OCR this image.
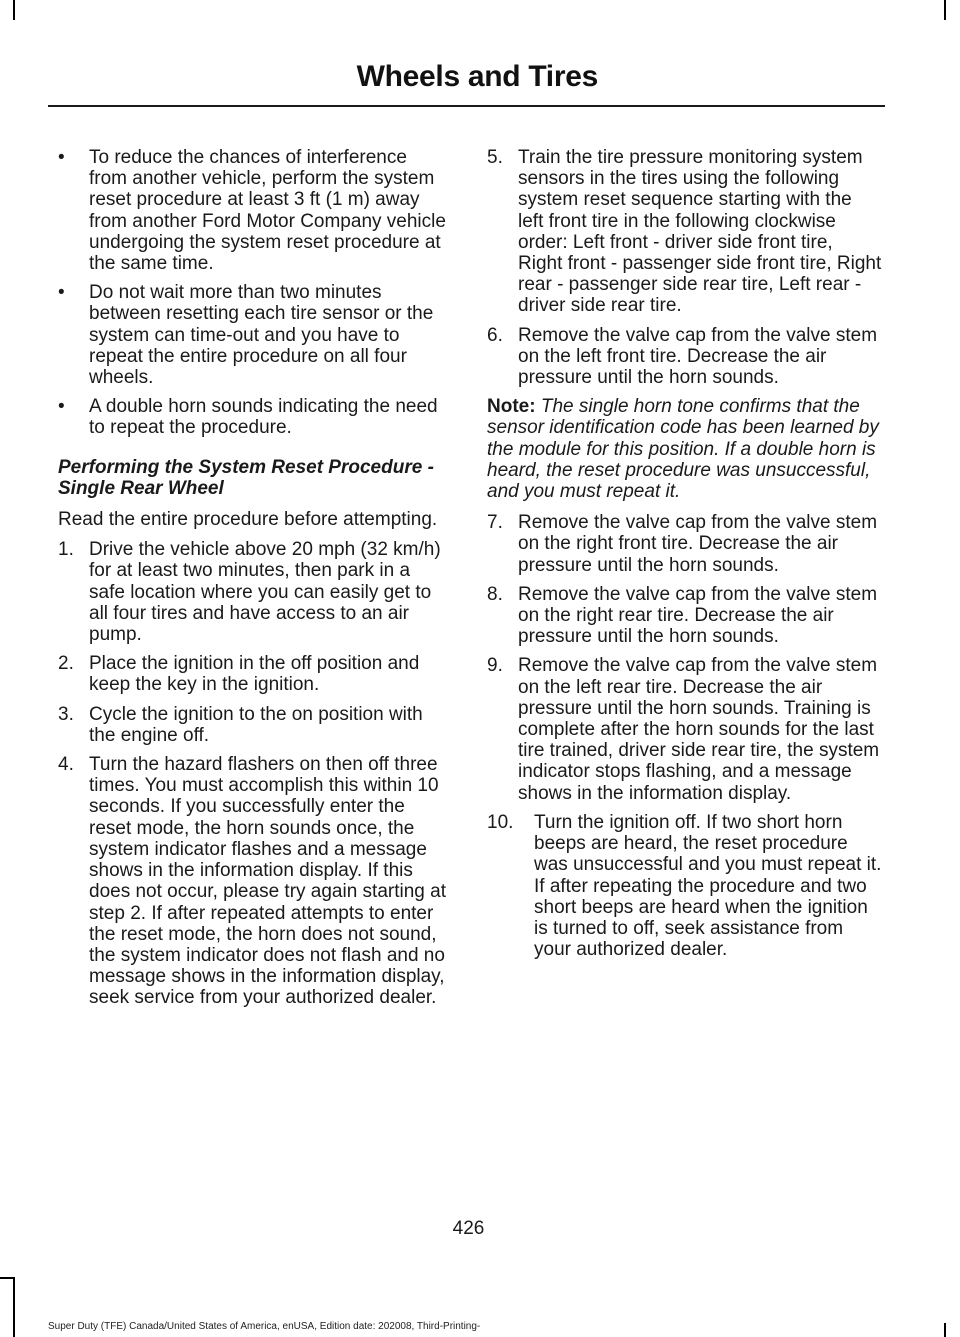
Wheels and Tires
•	To reduce the chances of interference from another vehicle, perform the system reset procedure at least 3 ft (1 m) away from another Ford Motor Company vehicle undergoing the system reset procedure at the same time.
•	Do not wait more than two minutes between resetting each tire sensor or the system can time-out and you have to repeat the entire procedure on all four wheels.
•	A double horn sounds indicating the need to repeat the procedure.
Performing the System Reset Procedure - Single Rear Wheel
Read the entire procedure before attempting.
1. Drive the vehicle above 20 mph (32 km/h) for at least two minutes, then park in a safe location where you can easily get to all four tires and have access to an air pump.
2. Place the ignition in the off position and keep the key in the ignition.
3. Cycle the ignition to the on position with the engine off.
4. Turn the hazard flashers on then off three times. You must accomplish this within 10 seconds. If you successfully enter the reset mode, the horn sounds once, the system indicator flashes and a message shows in the information display. If this does not occur, please try again starting at step 2. If after repeated attempts to enter the reset mode, the horn does not sound, the system indicator does not flash and no message shows in the information display, seek service from your authorized dealer.
5. Train the tire pressure monitoring system sensors in the tires using the following system reset sequence starting with the left front tire in the following clockwise order: Left front - driver side front tire, Right front - passenger side front tire, Right rear - passenger side rear tire, Left rear - driver side rear tire.
6. Remove the valve cap from the valve stem on the left front tire. Decrease the air pressure until the horn sounds.
Note: The single horn tone confirms that the sensor identification code has been learned by the module for this position. If a double horn is heard, the reset procedure was unsuccessful, and you must repeat it.
7. Remove the valve cap from the valve stem on the right front tire. Decrease the air pressure until the horn sounds.
8. Remove the valve cap from the valve stem on the right rear tire. Decrease the air pressure until the horn sounds.
9. Remove the valve cap from the valve stem on the left rear tire. Decrease the air pressure until the horn sounds. Training is complete after the horn sounds for the last tire trained, driver side rear tire, the system indicator stops flashing, and a message shows in the information display.
10.	Turn the ignition off. If two short horn beeps are heard, the reset procedure was unsuccessful and you must repeat it. If after repeating the procedure and two short beeps are heard when the ignition is turned to off, seek assistance from your authorized dealer.
426
Super Duty (TFE) Canada/United States of America, enUSA, Edition date: 202008, Third-Printing-
